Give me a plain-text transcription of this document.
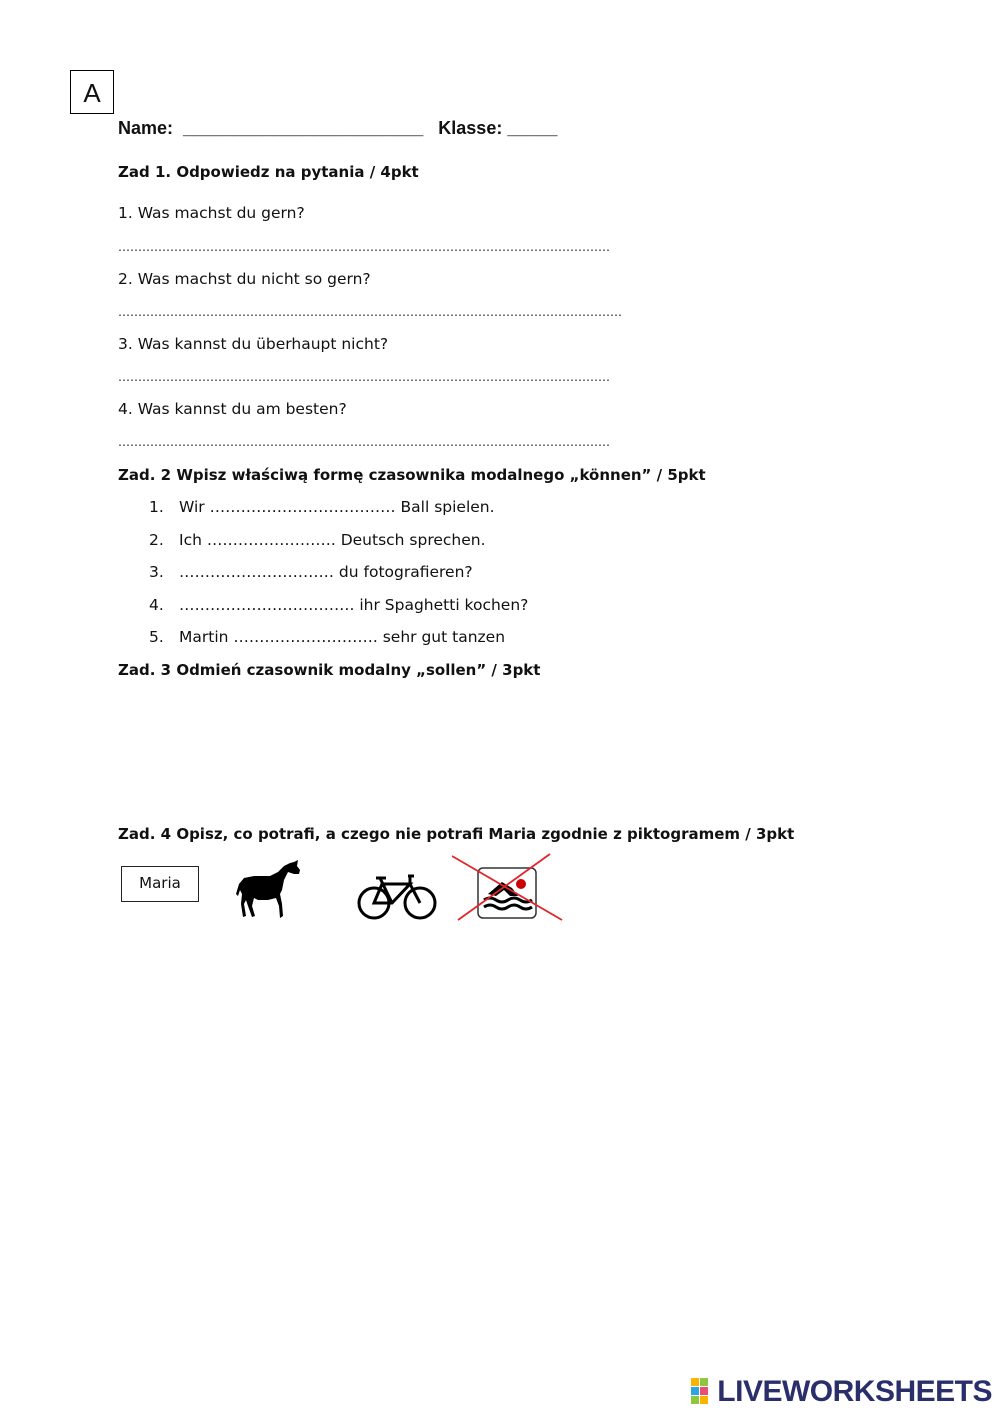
A
Name:  ________________________   Klasse: _____
Zad 1. Odpowiedz na pytania / 4pkt
1. Was machst du gern?
……………………………………………………………………………………………………………
2. Was machst du nicht so gern?
………………………………………………………………………………………………………………
3. Was kannst du überhaupt nicht?
……………………………………………………………………………………………………………
4. Was kannst du am besten?
……………………………………………………………………………………………………………
Zad. 2 Wpisz właściwą formę czasownika modalnego „können” / 5pkt
1. Wir ……………………………… Ball spielen.
2. Ich ……………………. Deutsch sprechen.
3. ………………………… du fotografieren?
4. ……………………………. ihr Spaghetti kochen?
5. Martin ………………………. sehr gut tanzen
Zad. 3 Odmień czasownik modalny „sollen” / 3pkt
Zad. 4 Opisz, co potrafi, a czego nie potrafi Maria zgodnie z piktogramem / 3pkt
Maria
LIVEWORKSHEETS
